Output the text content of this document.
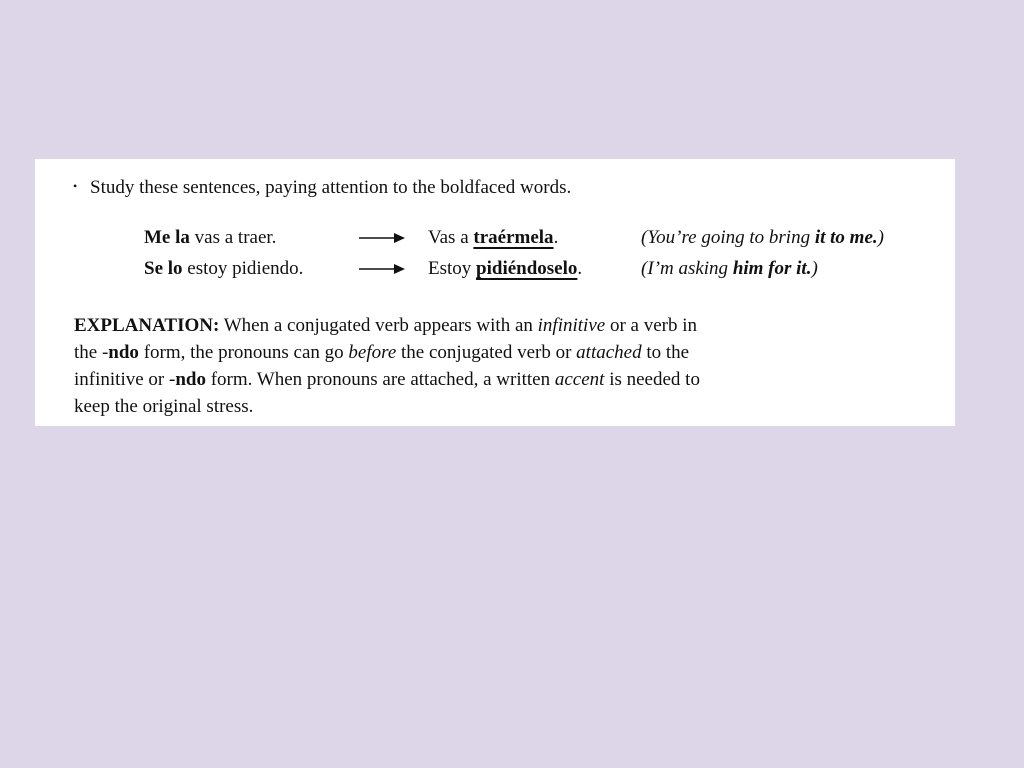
• Study these sentences, paying attention to the boldfaced words.
Me la vas a traer.	Vas a traérmela.	(You’re going to bring it to me.)
Se lo estoy pidiendo.	Estoy pidiéndoselo.	(I’m asking him for it.)
EXPLANATION: When a conjugated verb appears with an infinitive or a verb in
the -ndo form, the pronouns can go before the conjugated verb or attached to the
infinitive or -ndo form. When pronouns are attached, a written accent is needed to
keep the original stress.
